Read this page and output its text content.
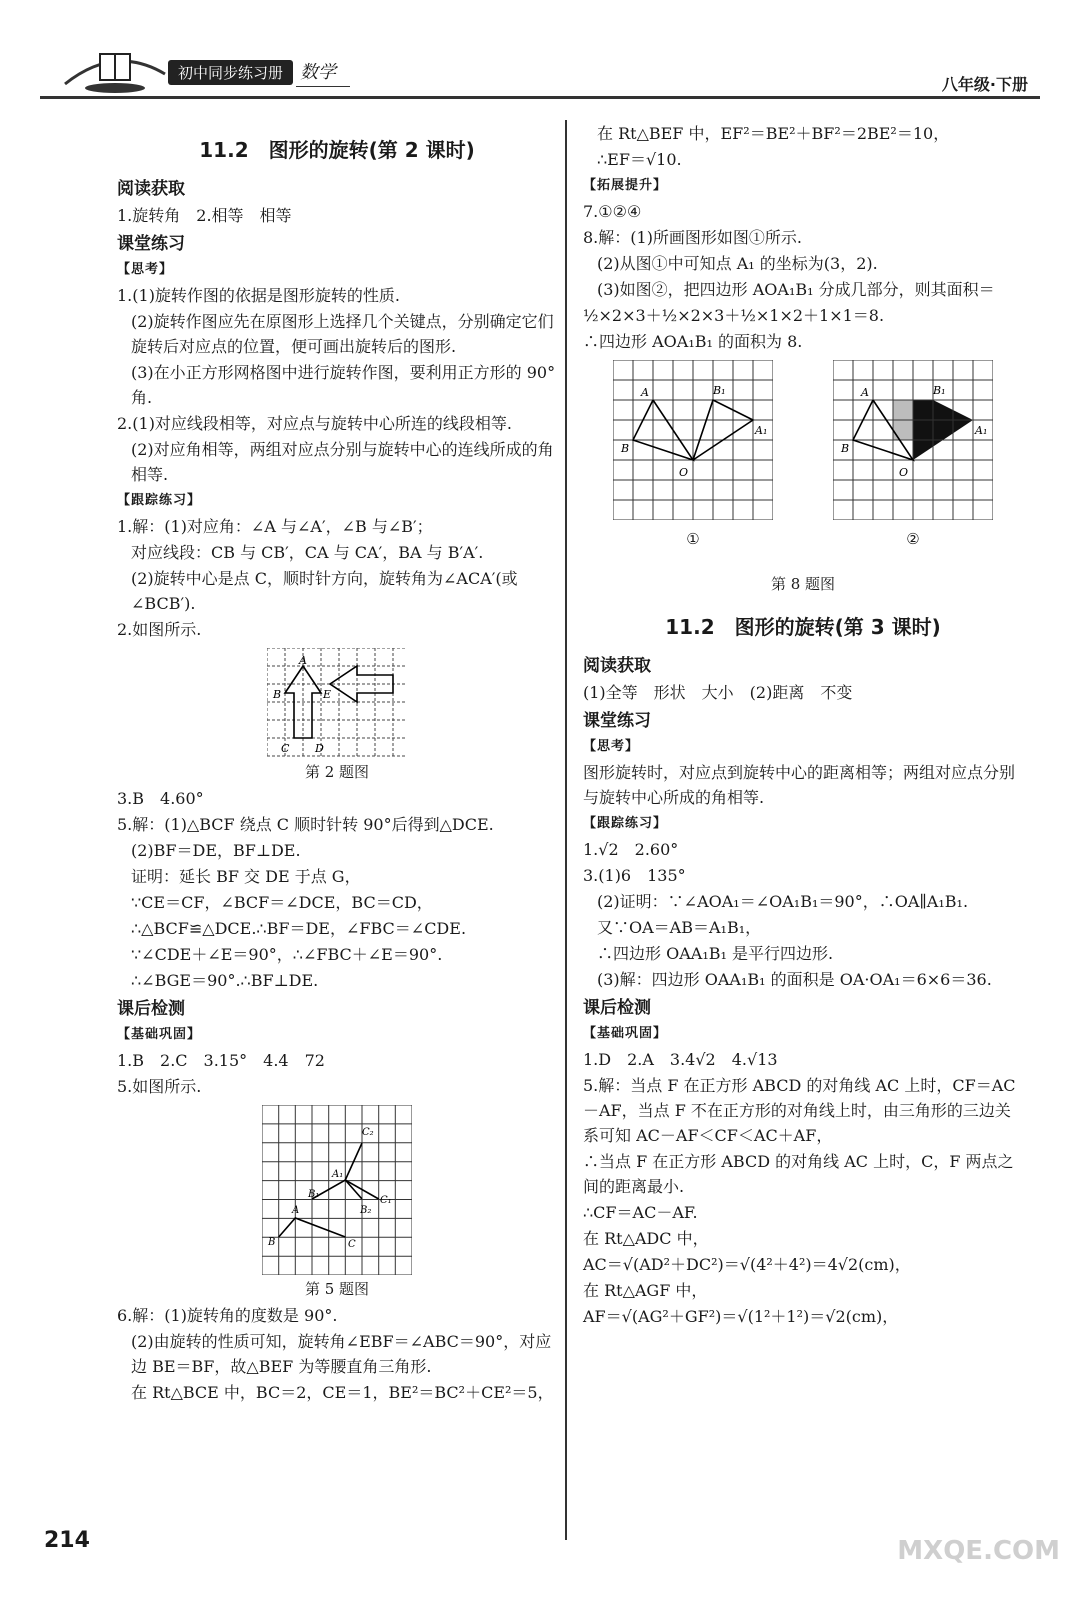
初中同步练习册 数学
八年级·下册
11.2　图形的旋转(第 2 课时)
阅读获取
1.旋转角　2.相等　相等
课堂练习
【思考】
1.(1)旋转作图的依据是图形旋转的性质.
(2)旋转作图应先在原图形上选择几个关键点，分别确定它们旋转后对应点的位置，便可画出旋转后的图形.
(3)在小正方形网格图中进行旋转作图，要利用正方形的 90°角.
2.(1)对应线段相等，对应点与旋转中心所连的线段相等.
(2)对应角相等，两组对应点分别与旋转中心的连线所成的角相等.
【跟踪练习】
1.解：(1)对应角：∠A 与∠A′，∠B 与∠B′；
对应线段：CB 与 CB′，CA 与 CA′，BA 与 B′A′.
(2)旋转中心是点 C，顺时针方向，旋转角为∠ACA′(或∠BCB′).
2.如图所示.
A
B	E
C D
第 2 题图
3.B　4.60°
5.解：(1)△BCF 绕点 C 顺时针转 90°后得到△DCE.
(2)BF＝DE，BF⊥DE.
证明：延长 BF 交 DE 于点 G，
∵CE＝CF，∠BCF＝∠DCE，BC＝CD，
∴△BCF≌△DCE.∴BF＝DE，∠FBC＝∠CDE.
∵∠CDE＋∠E＝90°，∴∠FBC＋∠E＝90°.
∴∠BGE＝90°.∴BF⊥DE.
课后检测
【基础巩固】
1.B　2.C　3.15°　4.4　72
5.如图所示.
B
A
C
B₁
A₁
C₁
C₂
B₂
第 5 题图
6.解：(1)旋转角的度数是 90°.
(2)由旋转的性质可知，旋转角∠EBF＝∠ABC＝90°，对应边 BE＝BF，故△BEF 为等腰直角三角形.
在 Rt△BCE 中，BC＝2，CE＝1，BE²＝BC²＋CE²＝5，
在 Rt△BEF 中，EF²＝BE²＋BF²＝2BE²＝10，
∴EF＝√10.
【拓展提升】
7.①②④
8.解：(1)所画图形如图①所示.
(2)从图①中可知点 A₁ 的坐标为(3，2).
(3)如图②，把四边形 AOA₁B₁ 分成几部分，则其面积＝
½×2×3＋½×2×3＋½×1×2＋1×1＝8.
∴四边形 AOA₁B₁ 的面积为 8.
A
B
O
B₁
A₁
①
A
B
O
B₁
A₁
②
第 8 题图
11.2　图形的旋转(第 3 课时)
阅读获取
(1)全等　形状　大小　(2)距离　不变
课堂练习
【思考】
图形旋转时，对应点到旋转中心的距离相等；两组对应点分别与旋转中心所成的角相等.
【跟踪练习】
1.√2　2.60°
3.(1)6　135°
(2)证明：∵∠AOA₁＝∠OA₁B₁＝90°，∴OA∥A₁B₁.
又∵OA＝AB＝A₁B₁，
∴四边形 OAA₁B₁ 是平行四边形.
(3)解：四边形 OAA₁B₁ 的面积是 OA·OA₁＝6×6＝36.
课后检测
【基础巩固】
1.D　2.A　3.4√2　4.√13
5.解：当点 F 在正方形 ABCD 的对角线 AC 上时，CF＝AC－AF，当点 F 不在正方形的对角线上时，由三角形的三边关系可知 AC－AF＜CF＜AC＋AF，
∴当点 F 在正方形 ABCD 的对角线 AC 上时，C，F 两点之间的距离最小.
∴CF＝AC－AF.
在 Rt△ADC 中，
AC＝√(AD²＋DC²)＝√(4²＋4²)＝4√2(cm)，
在 Rt△AGF 中，
AF＝√(AG²＋GF²)＝√(1²＋1²)＝√2(cm)，
214	MXQE.COM
